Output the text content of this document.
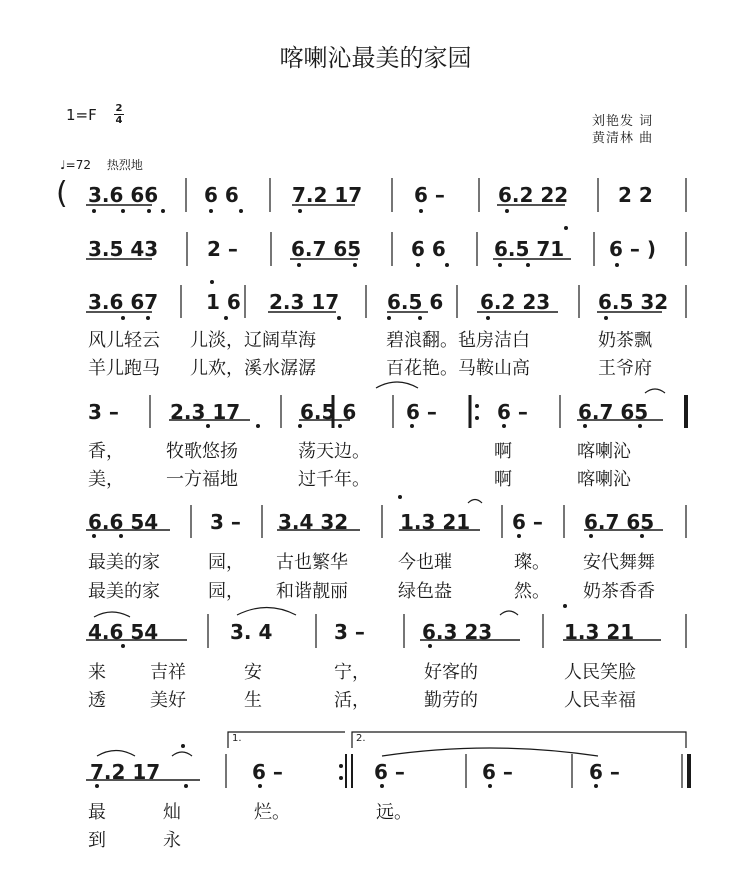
喀喇沁最美的家园
1=F 2
4	刘艳发 词
黄清林 曲
♩=72 热烈地
( 3.6 66 6 6	7.2 17	6 –	6.2 22 2 2
3.5 43 2 –	6.7 65 6 6 6.5 71 6 – )
3.6 67 1 6 2.3 17 6.5 6 6.2 23 6.5 32
风儿轻云 儿淡，辽阔草海	碧浪翻。毡房洁白	奶茶飘
羊儿跑马 儿欢，溪水潺潺	百花艳。马鞍山高	王爷府
3 –	2.3 17	6.5 6 6 –	6 –	6.7 65
香， 牧歌悠扬	荡天边。	啊	喀喇沁
美， 一方福地	过千年。	啊	喀喇沁
6.6 54	3 – 3.4 32	1.3 21 6 – 6.7 65
最美的家	园， 古也繁华	今也璀	璨。 安代舞舞
最美的家	园， 和谐靓丽	绿色盎	然。 奶茶香香
4.6 54	3. 4	3 –	6.3 23	1.3 21
来 吉祥	安	宁，	好客的	人民笑脸
透 美好	生	活，	勤劳的	人民幸福
1.	2.
7.2 17	6 –	6 –	6 –	6 –
最	灿	烂。	远。
到	永
